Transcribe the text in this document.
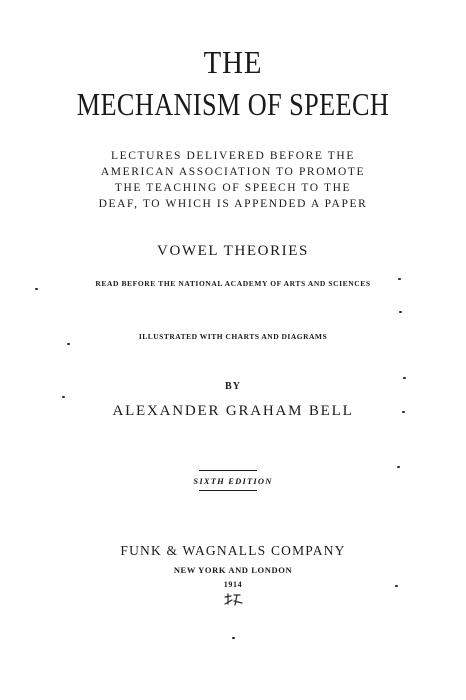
THE
MECHANISM OF SPEECH
LECTURES DELIVERED BEFORE THE
AMERICAN ASSOCIATION TO PROMOTE
THE TEACHING OF SPEECH TO THE
DEAF, TO WHICH IS APPENDED A PAPER
VOWEL THEORIES
READ BEFORE THE NATIONAL ACADEMY OF ARTS AND SCIENCES
ILLUSTRATED WITH CHARTS AND DIAGRAMS
BY
ALEXANDER GRAHAM BELL
SIXTH EDITION
FUNK & WAGNALLS COMPANY
NEW YORK AND LONDON
1914
